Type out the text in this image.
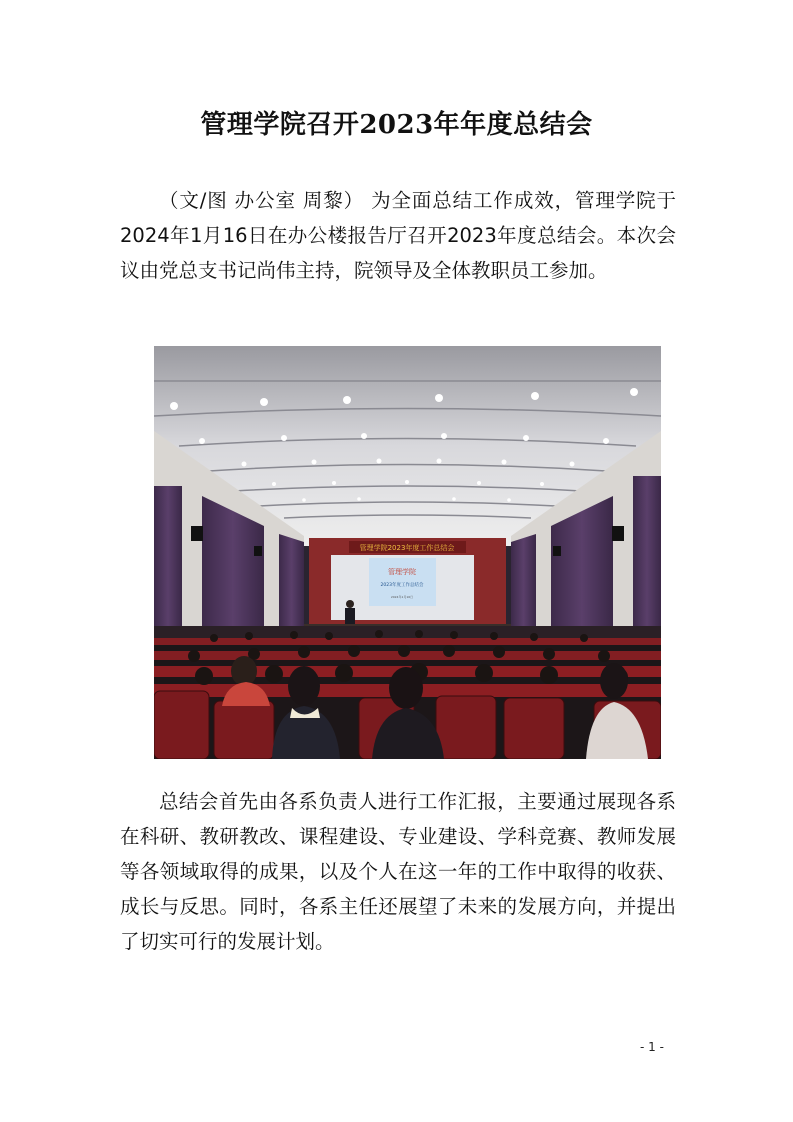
管理学院召开2023年年度总结会

（文/图 办公室 周黎） 为全面总结工作成效，管理学院于2024年1月16日在办公楼报告厅召开2023年度总结会。本次会议由党总支书记尚伟主持，院领导及全体教职员工参加。

管理学院2023年度工作总结会
管理学院
2023年度工作总结会
2024年1月16日

总结会首先由各系负责人进行工作汇报，主要通过展现各系在科研、教研教改、课程建设、专业建设、学科竞赛、教师发展等各领域取得的成果，以及个人在这一年的工作中取得的收获、成长与反思。同时，各系主任还展望了未来的发展方向，并提出了切实可行的发展计划。

- 1 -
